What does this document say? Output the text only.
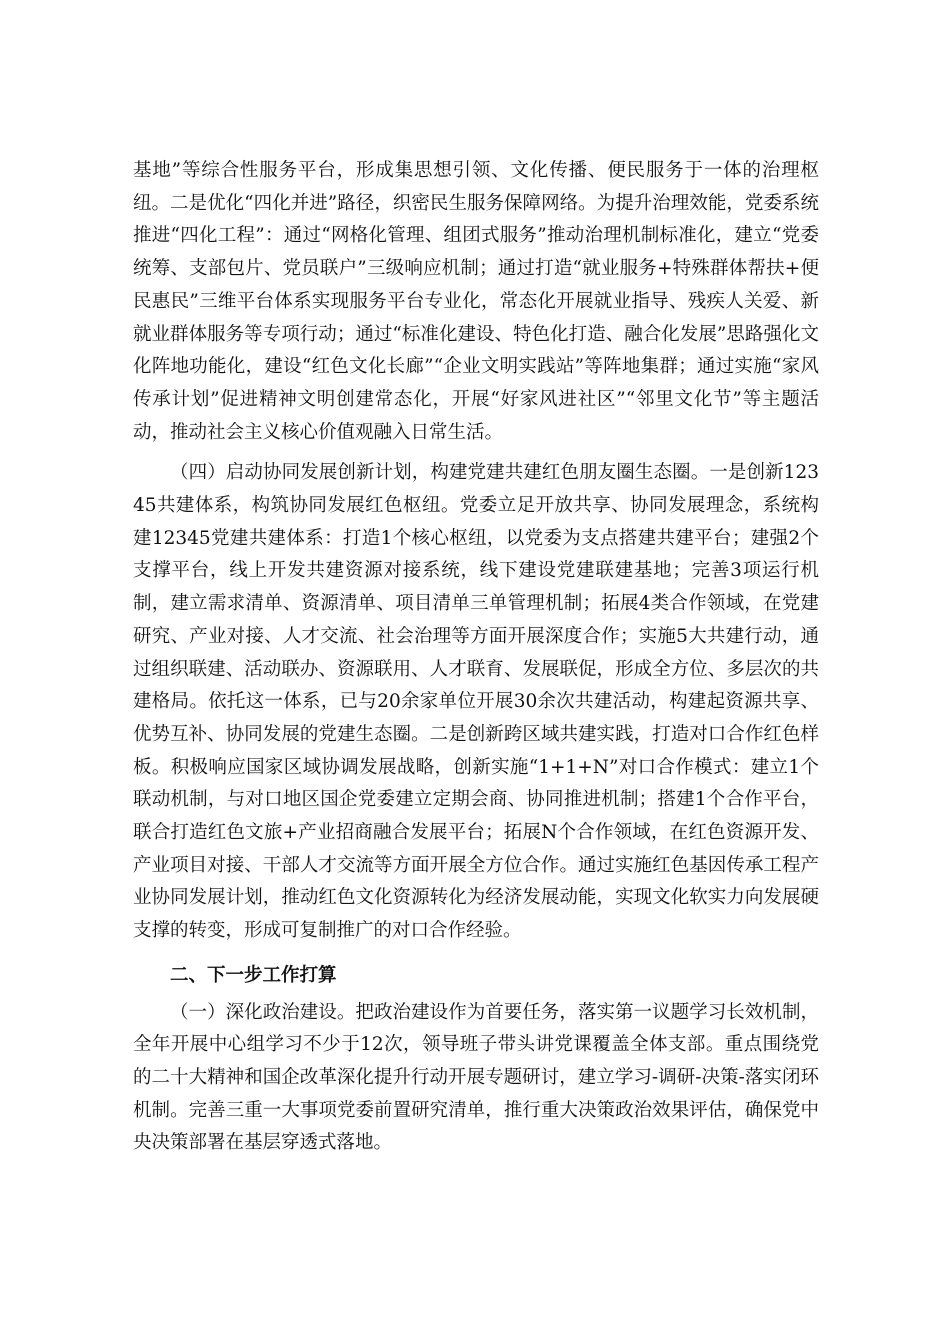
基地”等综合性服务平台，形成集思想引领、文化传播、便民服务于一体的治理枢纽。二是优化“四化并进”路径，织密民生服务保障网络。为提升治理效能，党委系统推进“四化工程”：通过“网格化管理、组团式服务”推动治理机制标准化，建立“党委统筹、支部包片、党员联户”三级响应机制；通过打造“就业服务+特殊群体帮扶+便民惠民”三维平台体系实现服务平台专业化，常态化开展就业指导、残疾人关爱、新就业群体服务等专项行动；通过“标准化建设、特色化打造、融合化发展”思路强化文化阵地功能化，建设“红色文化长廊”“企业文明实践站”等阵地集群；通过实施“家风传承计划”促进精神文明创建常态化，开展“好家风进社区”“邻里文化节”等主题活动，推动社会主义核心价值观融入日常生活。

（四）启动协同发展创新计划，构建党建共建红色朋友圈生态圈。一是创新12345共建体系，构筑协同发展红色枢纽。党委立足开放共享、协同发展理念，系统构建12345党建共建体系：打造1个核心枢纽，以党委为支点搭建共建平台；建强2个支撑平台，线上开发共建资源对接系统，线下建设党建联建基地；完善3项运行机制，建立需求清单、资源清单、项目清单三单管理机制；拓展4类合作领域，在党建研究、产业对接、人才交流、社会治理等方面开展深度合作；实施5大共建行动，通过组织联建、活动联办、资源联用、人才联育、发展联促，形成全方位、多层次的共建格局。依托这一体系，已与20余家单位开展30余次共建活动，构建起资源共享、优势互补、协同发展的党建生态圈。二是创新跨区域共建实践，打造对口合作红色样板。积极响应国家区域协调发展战略，创新实施“1+1+N”对口合作模式：建立1个联动机制，与对口地区国企党委建立定期会商、协同推进机制；搭建1个合作平台，联合打造红色文旅+产业招商融合发展平台；拓展N个合作领域，在红色资源开发、产业项目对接、干部人才交流等方面开展全方位合作。通过实施红色基因传承工程产业协同发展计划，推动红色文化资源转化为经济发展动能，实现文化软实力向发展硬支撑的转变，形成可复制推广的对口合作经验。

二、下一步工作打算

（一）深化政治建设。把政治建设作为首要任务，落实第一议题学习长效机制，全年开展中心组学习不少于12次，领导班子带头讲党课覆盖全体支部。重点围绕党的二十大精神和国企改革深化提升行动开展专题研讨，建立学习-调研-决策-落实闭环机制。完善三重一大事项党委前置研究清单，推行重大决策政治效果评估，确保党中央决策部署在基层穿透式落地。
